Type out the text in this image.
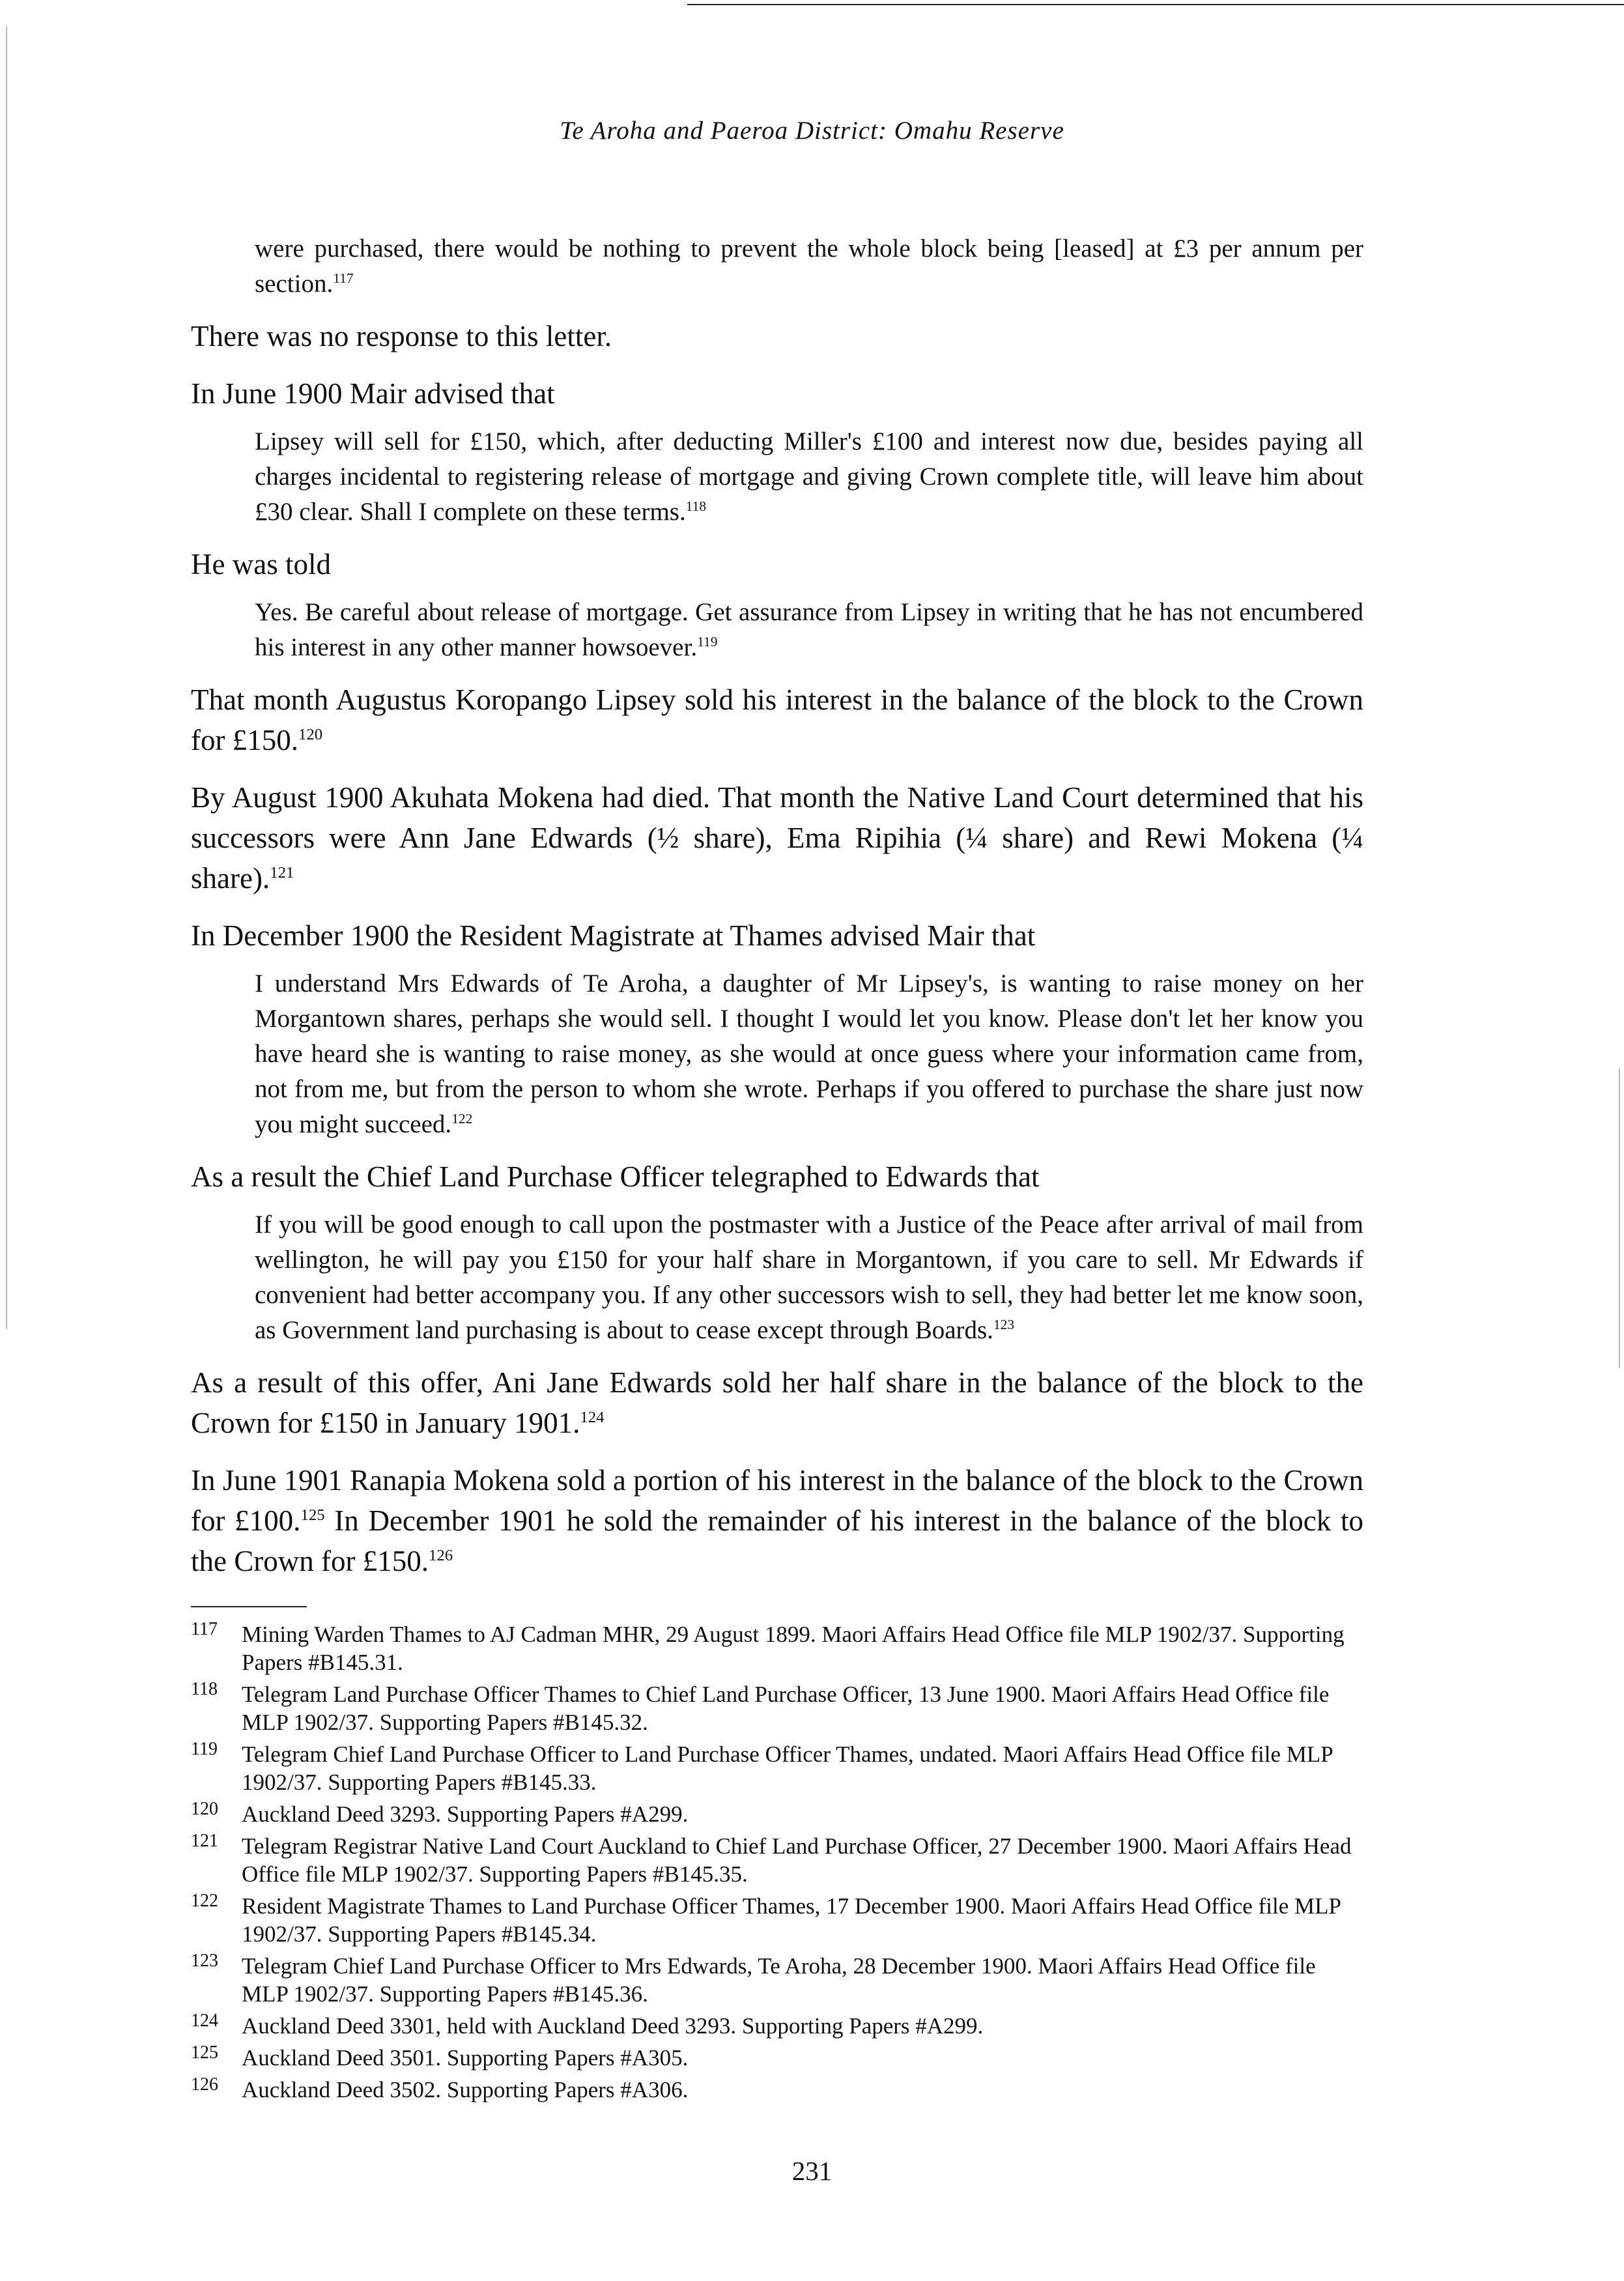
Te Aroha and Paeroa District: Omahu Reserve
were purchased, there would be nothing to prevent the whole block being [leased] at £3 per annum per section.$^{117}$
There was no response to this letter.
In June 1900 Mair advised that
Lipsey will sell for £150, which, after deducting Miller's £100 and interest now due, besides paying all charges incidental to registering release of mortgage and giving Crown complete title, will leave him about £30 clear. Shall I complete on these terms.$^{118}$
He was told
Yes. Be careful about release of mortgage. Get assurance from Lipsey in writing that he has not encumbered his interest in any other manner howsoever.$^{119}$
That month Augustus Koropango Lipsey sold his interest in the balance of the block to the Crown for £150.$^{120}$
By August 1900 Akuhata Mokena had died. That month the Native Land Court determined that his successors were Ann Jane Edwards (½ share), Ema Ripihia (¼ share) and Rewi Mokena (¼ share).$^{121}$
In December 1900 the Resident Magistrate at Thames advised Mair that
I understand Mrs Edwards of Te Aroha, a daughter of Mr Lipsey's, is wanting to raise money on her Morgantown shares, perhaps she would sell. I thought I would let you know. Please don't let her know you have heard she is wanting to raise money, as she would at once guess where your information came from, not from me, but from the person to whom she wrote. Perhaps if you offered to purchase the share just now you might succeed.$^{122}$
As a result the Chief Land Purchase Officer telegraphed to Edwards that
If you will be good enough to call upon the postmaster with a Justice of the Peace after arrival of mail from wellington, he will pay you £150 for your half share in Morgantown, if you care to sell. Mr Edwards if convenient had better accompany you. If any other successors wish to sell, they had better let me know soon, as Government land purchasing is about to cease except through Boards.$^{123}$
As a result of this offer, Ani Jane Edwards sold her half share in the balance of the block to the Crown for £150 in January 1901.$^{124}$
In June 1901 Ranapia Mokena sold a portion of his interest in the balance of the block to the Crown for £100.$^{125}$ In December 1901 he sold the remainder of his interest in the balance of the block to the Crown for £150.$^{126}$
117	Mining Warden Thames to AJ Cadman MHR, 29 August 1899. Maori Affairs Head Office file MLP 1902/37. Supporting Papers #B145.31.
118	Telegram Land Purchase Officer Thames to Chief Land Purchase Officer, 13 June 1900. Maori Affairs Head Office file MLP 1902/37. Supporting Papers #B145.32.
119	Telegram Chief Land Purchase Officer to Land Purchase Officer Thames, undated. Maori Affairs Head Office file MLP 1902/37. Supporting Papers #B145.33.
120	Auckland Deed 3293. Supporting Papers #A299.
121	Telegram Registrar Native Land Court Auckland to Chief Land Purchase Officer, 27 December 1900. Maori Affairs Head Office file MLP 1902/37. Supporting Papers #B145.35.
122	Resident Magistrate Thames to Land Purchase Officer Thames, 17 December 1900. Maori Affairs Head Office file MLP 1902/37. Supporting Papers #B145.34.
123	Telegram Chief Land Purchase Officer to Mrs Edwards, Te Aroha, 28 December 1900. Maori Affairs Head Office file MLP 1902/37. Supporting Papers #B145.36.
124	Auckland Deed 3301, held with Auckland Deed 3293. Supporting Papers #A299.
125	Auckland Deed 3501. Supporting Papers #A305.
126	Auckland Deed 3502. Supporting Papers #A306.
231
